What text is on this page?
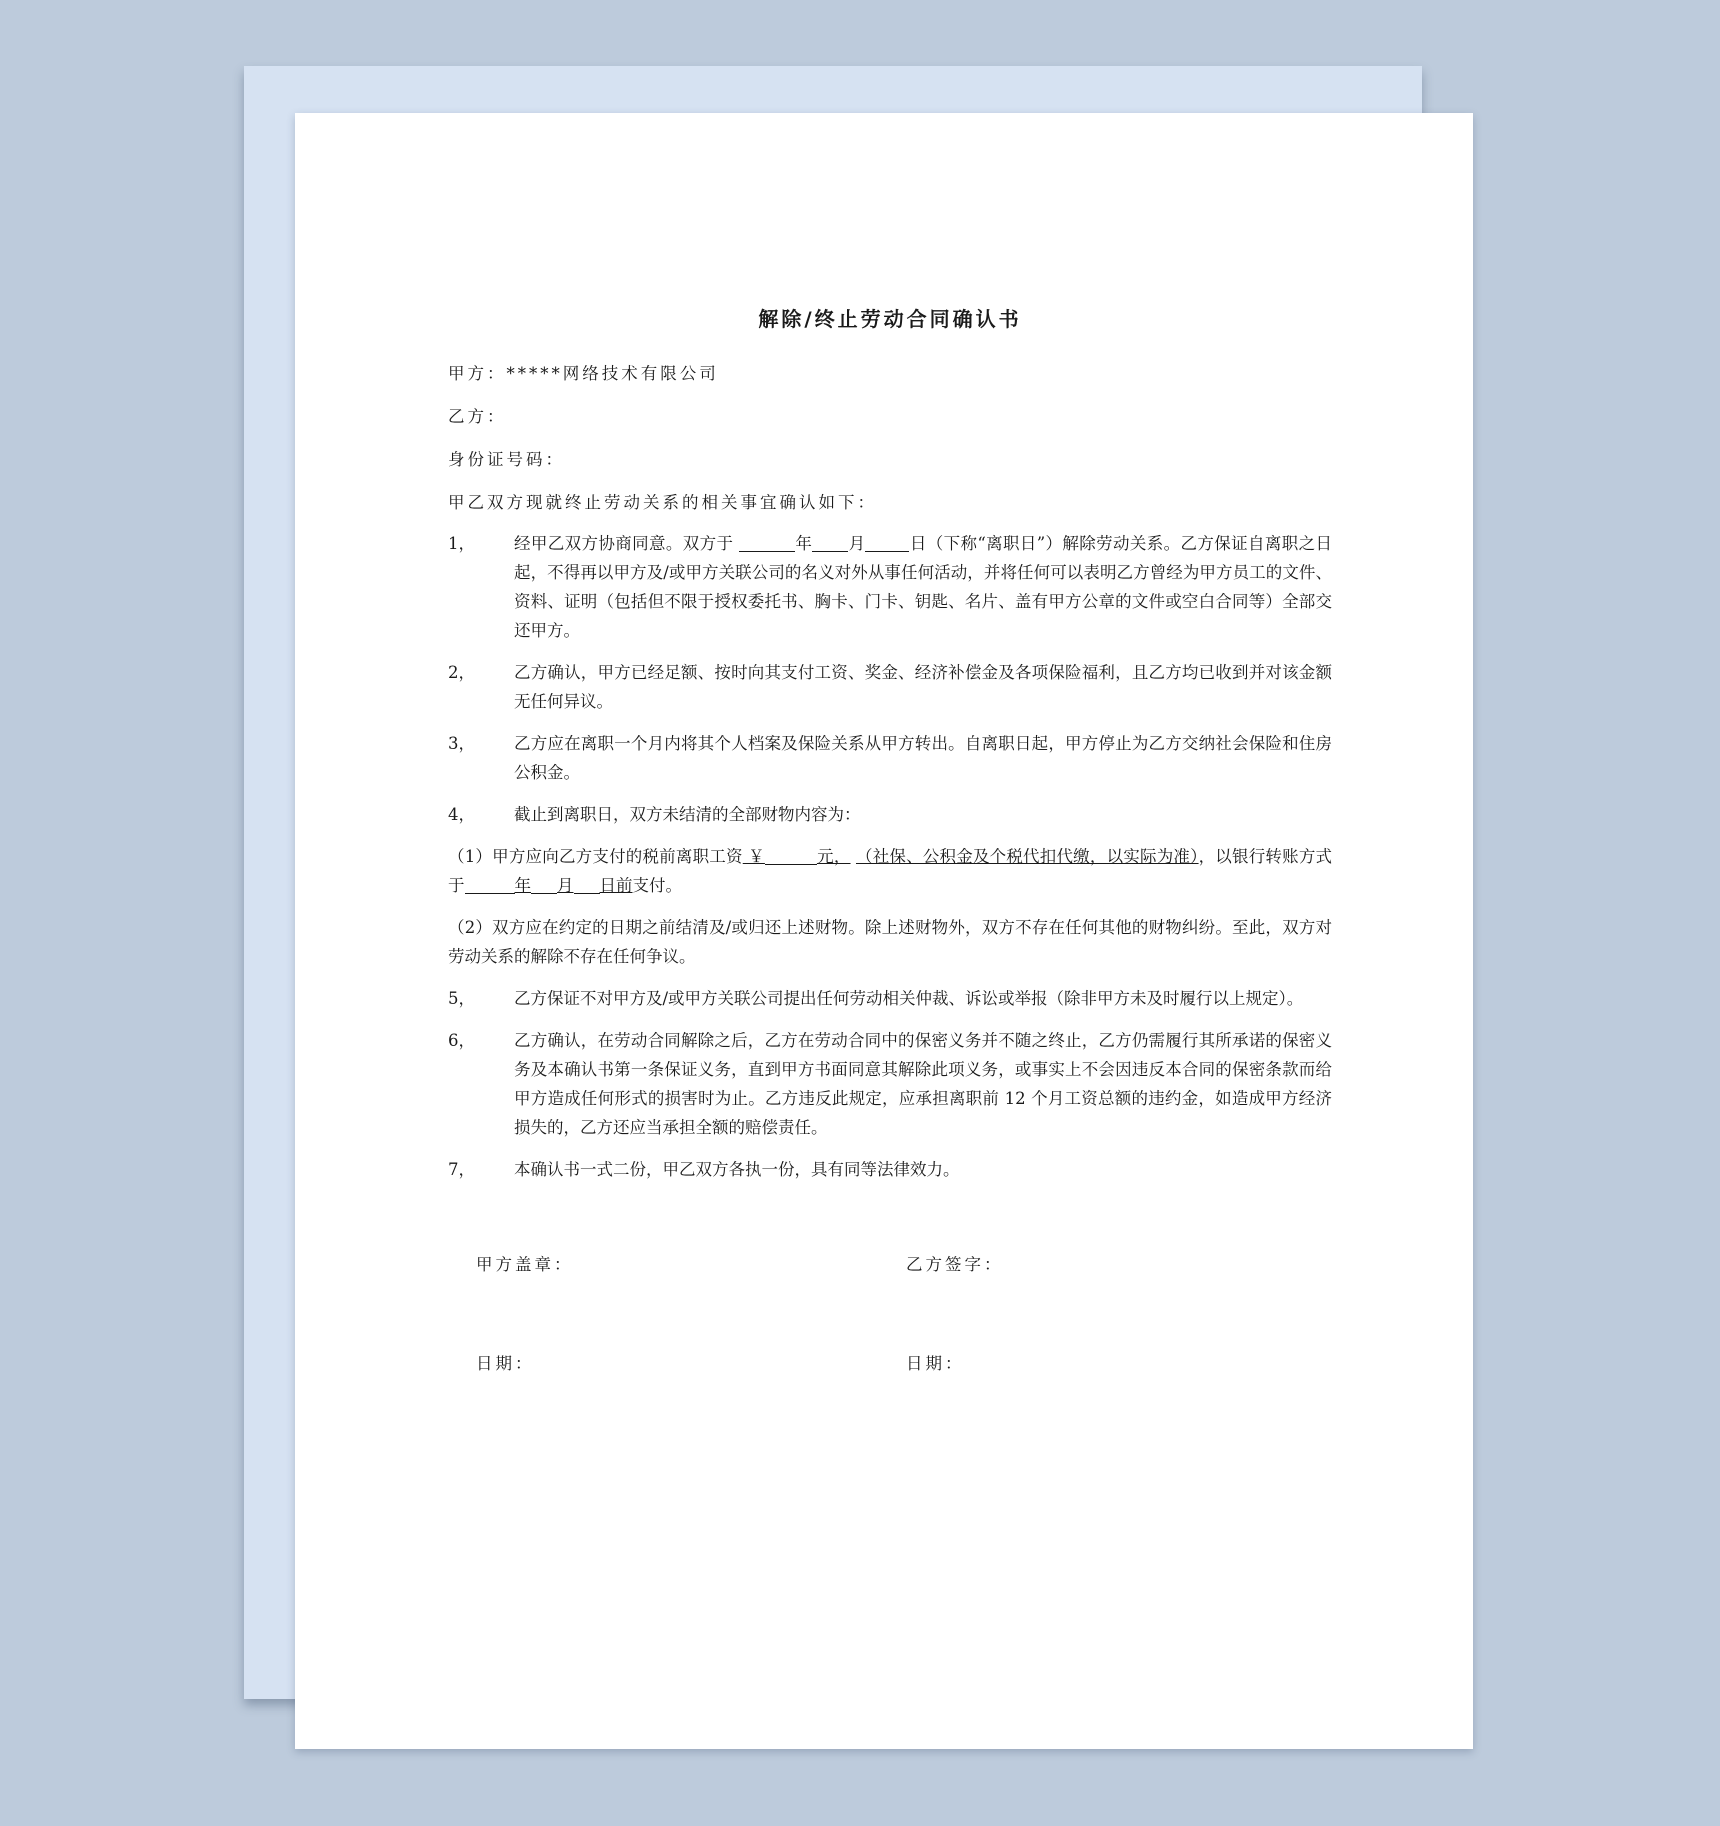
解除/终止劳动合同确认书
甲方：*****网络技术有限公司
乙方：
身份证号码：
甲乙双方现就终止劳动关系的相关事宜确认如下：
1，	经甲乙双方协商同意。双方于	年 月	日（下称“离职日”）解除劳动关系。乙方保证自离职之日起，不得再以甲方及/或甲方关联公司的名义对外从事任何活动，并将任何可以表明乙方曾经为甲方员工的文件、资料、证明（包括但不限于授权委托书、胸卡、门卡、钥匙、名片、盖有甲方公章的文件或空白合同等）全部交还甲方。
2，	乙方确认，甲方已经足额、按时向其支付工资、奖金、经济补偿金及各项保险福利，且乙方均已收到并对该金额无任何异议。
3，	乙方应在离职一个月内将其个人档案及保险关系从甲方转出。自离职日起，甲方停止为乙方交纳社会保险和住房公积金。
4，	截止到离职日，双方未结清的全部财物内容为：
（1）甲方应向乙方支付的税前离职工资 ￥	元， （社保、公积金及个税代扣代缴，以实际为准），以银行转账方式于	年 月 日前支付。
（2）双方应在约定的日期之前结清及/或归还上述财物。除上述财物外，双方不存在任何其他的财物纠纷。至此，双方对劳动关系的解除不存在任何争议。
5，	乙方保证不对甲方及/或甲方关联公司提出任何劳动相关仲裁、诉讼或举报（除非甲方未及时履行以上规定）。
6，	乙方确认，在劳动合同解除之后，乙方在劳动合同中的保密义务并不随之终止，乙方仍需履行其所承诺的保密义务及本确认书第一条保证义务，直到甲方书面同意其解除此项义务，或事实上不会因违反本合同的保密条款而给甲方造成任何形式的损害时为止。乙方违反此规定，应承担离职前 12 个月工资总额的违约金，如造成甲方经济损失的，乙方还应当承担全额的赔偿责任。
7，	本确认书一式二份，甲乙双方各执一份，具有同等法律效力。
甲方盖章：	乙方签字：
日期：	日期：
